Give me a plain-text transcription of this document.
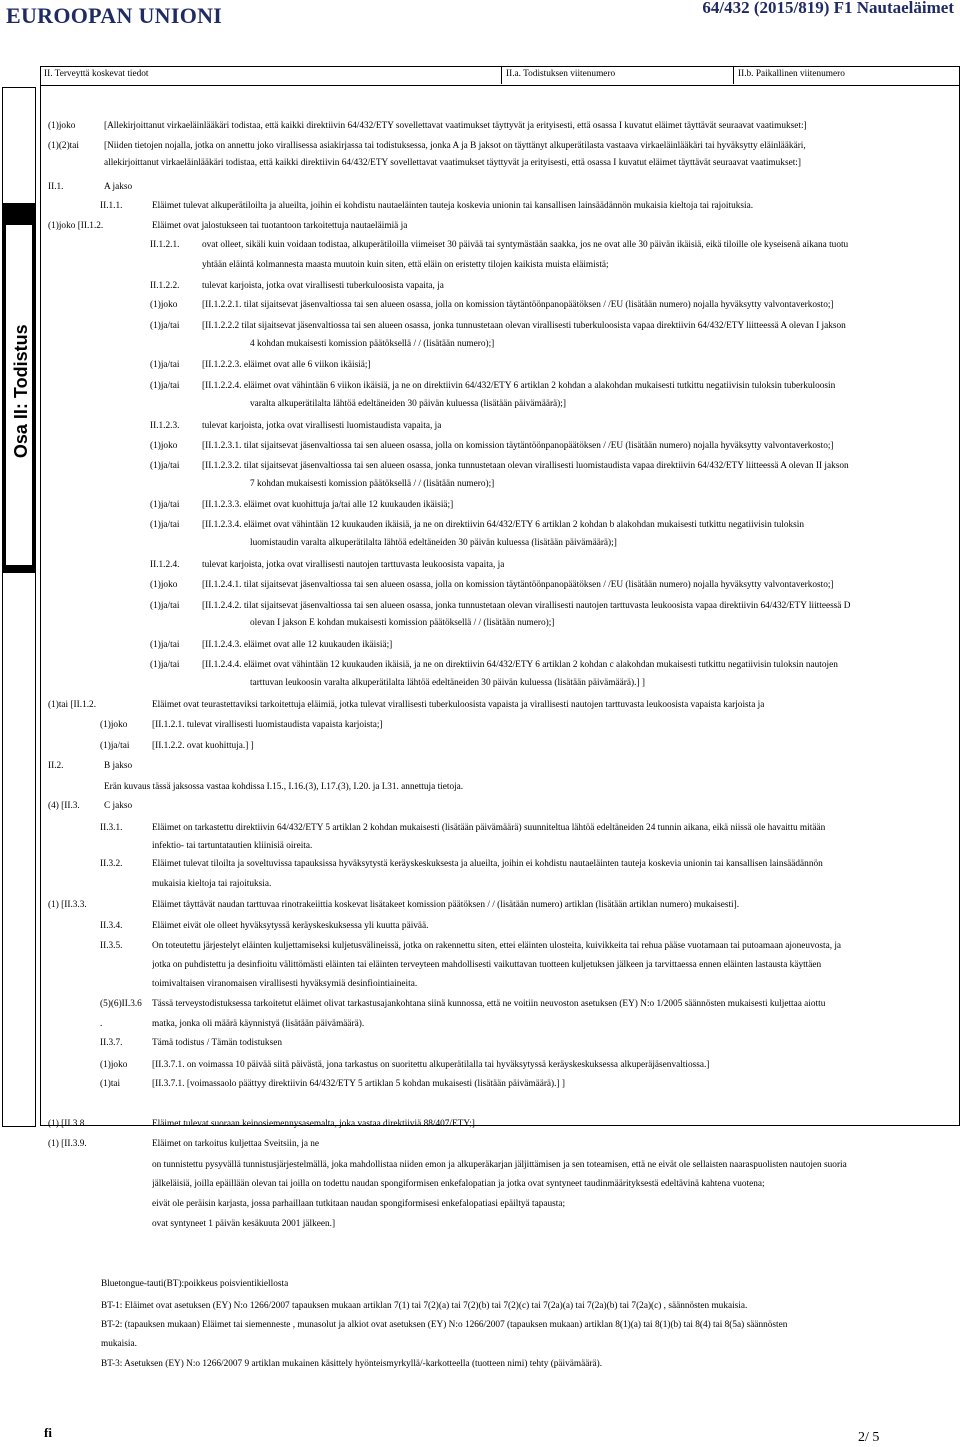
EUROOPAN UNIONI	64/432 (2015/819) F1 Nautaeläimet
II. Terveyttä koskevat tiedot	II.a. Todistuksen viitenumero	II.b. Paikallinen viitenumero
Osa II: Todistus
(1)joko	[Allekirjoittanut virkaeläinlääkäri todistaa, että kaikki direktiivin 64/432/ETY sovellettavat vaatimukset täyttyvät ja erityisesti, että osassa I kuvatut eläimet täyttävät seuraavat vaatimukset:]
(1)(2)tai	[Niiden tietojen nojalla, jotka on annettu joko virallisessa asiakirjassa tai todistuksessa, jonka A ja B jaksot on täyttänyt alkuperätilasta vastaava virkaeläinlääkäri tai hyväksytty eläinlääkäri,
allekirjoittanut virkaeläinlääkäri todistaa, että kaikki direktiivin 64/432/ETY sovellettavat vaatimukset täyttyvät ja erityisesti, että osassa I kuvatut eläimet täyttävät seuraavat vaatimukset:]
II.1.	A jakso
II.1.1.	Eläimet tulevat alkuperätiloilta ja alueilta, joihin ei kohdistu nautaeläinten tauteja koskevia unionin tai kansallisen lainsäädännön mukaisia kieltoja tai rajoituksia.
(1)joko [II.1.2.	Eläimet ovat jalostukseen tai tuotantoon tarkoitettuja nautaeläimiä ja
II.1.2.1. ovat olleet, sikäli kuin voidaan todistaa, alkuperätiloilla viimeiset 30 päivää tai syntymästään saakka, jos ne ovat alle 30 päivän ikäisiä, eikä tiloille ole kyseisenä aikana tuotu
yhtään eläintä kolmannesta maasta muutoin kuin siten, että eläin on eristetty tilojen kaikista muista eläimistä;
II.1.2.2. tulevat karjoista, jotka ovat virallisesti tuberkuloosista vapaita, ja
(1)joko	[II.1.2.2.1. tilat sijaitsevat jäsenvaltiossa tai sen alueen osassa, jolla on komission täytäntöönpanopäätöksen / /EU (lisätään numero) nojalla hyväksytty valvontaverkosto;]
(1)ja/tai [II.1.2.2.2 tilat sijaitsevat jäsenvaltiossa tai sen alueen osassa, jonka tunnustetaan olevan virallisesti tuberkuloosista vapaa direktiivin 64/432/ETY liitteessä A olevan I jakson
4 kohdan mukaisesti komission päätöksellä / / (lisätään numero);]
(1)ja/tai [II.1.2.2.3. eläimet ovat alle 6 viikon ikäisiä;]
(1)ja/tai [II.1.2.2.4. eläimet ovat vähintään 6 viikon ikäisiä, ja ne on direktiivin 64/432/ETY 6 artiklan 2 kohdan a alakohdan mukaisesti tutkittu negatiivisin tuloksin tuberkuloosin
varalta alkuperätilalta lähtöä edeltäneiden 30 päivän kuluessa (lisätään päivämäärä);]
II.1.2.3. tulevat karjoista, jotka ovat virallisesti luomistaudista vapaita, ja
(1)joko	[II.1.2.3.1. tilat sijaitsevat jäsenvaltiossa tai sen alueen osassa, jolla on komission täytäntöönpanopäätöksen / /EU (lisätään numero) nojalla hyväksytty valvontaverkosto;]
(1)ja/tai [II.1.2.3.2. tilat sijaitsevat jäsenvaltiossa tai sen alueen osassa, jonka tunnustetaan olevan virallisesti luomistaudista vapaa direktiivin 64/432/ETY liitteessä A olevan II jakson
7 kohdan mukaisesti komission päätöksellä / / (lisätään numero);]
(1)ja/tai [II.1.2.3.3. eläimet ovat kuohittuja ja/tai alle 12 kuukauden ikäisiä;]
(1)ja/tai [II.1.2.3.4. eläimet ovat vähintään 12 kuukauden ikäisiä, ja ne on direktiivin 64/432/ETY 6 artiklan 2 kohdan b alakohdan mukaisesti tutkittu negatiivisin tuloksin
luomistaudin varalta alkuperätilalta lähtöä edeltäneiden 30 päivän kuluessa (lisätään päivämäärä);]
II.1.2.4. tulevat karjoista, jotka ovat virallisesti nautojen tarttuvasta leukoosista vapaita, ja
(1)joko	[II.1.2.4.1. tilat sijaitsevat jäsenvaltiossa tai sen alueen osassa, jolla on komission täytäntöönpanopäätöksen / /EU (lisätään numero) nojalla hyväksytty valvontaverkosto;]
(1)ja/tai [II.1.2.4.2. tilat sijaitsevat jäsenvaltiossa tai sen alueen osassa, jonka tunnustetaan olevan virallisesti nautojen tarttuvasta leukoosista vapaa direktiivin 64/432/ETY liitteessä D
olevan I jakson E kohdan mukaisesti komission päätöksellä / / (lisätään numero);]
(1)ja/tai [II.1.2.4.3. eläimet ovat alle 12 kuukauden ikäisiä;]
(1)ja/tai [II.1.2.4.4. eläimet ovat vähintään 12 kuukauden ikäisiä, ja ne on direktiivin 64/432/ETY 6 artiklan 2 kohdan c alakohdan mukaisesti tutkittu negatiivisin tuloksin nautojen
tarttuvan leukoosin varalta alkuperätilalta lähtöä edeltäneiden 30 päivän kuluessa (lisätään päivämäärä).] ]
(1)tai [II.1.2.	Eläimet ovat teurastettaviksi tarkoitettuja eläimiä, jotka tulevat virallisesti tuberkuloosista vapaista ja virallisesti nautojen tarttuvasta leukoosista vapaista karjoista ja
(1)joko	[II.1.2.1. tulevat virallisesti luomistaudista vapaista karjoista;]
(1)ja/tai [II.1.2.2. ovat kuohittuja.] ]
II.2.	B jakso
Erän kuvaus tässä jaksossa vastaa kohdissa I.15., I.16.(3), I.17.(3), I.20. ja I.31. annettuja tietoja.
(4) [II.3.	C jakso
II.3.1.	Eläimet on tarkastettu direktiivin 64/432/ETY 5 artiklan 2 kohdan mukaisesti (lisätään päivämäärä) suunniteltua lähtöä edeltäneiden 24 tunnin aikana, eikä niissä ole havaittu mitään
infektio- tai tartuntatautien kliinisiä oireita.
II.3.2.	Eläimet tulevat tiloilta ja soveltuvissa tapauksissa hyväksytystä keräyskeskuksesta ja alueilta, joihin ei kohdistu nautaeläinten tauteja koskevia unionin tai kansallisen lainsäädännön
mukaisia kieltoja tai rajoituksia.
(1) [II.3.3.	Eläimet täyttävät naudan tarttuvaa rinotrakeiittia koskevat lisätakeet komission päätöksen / / (lisätään numero) artiklan (lisätään artiklan numero) mukaisesti].
II.3.4.	Eläimet eivät ole olleet hyväksytyssä keräyskeskuksessa yli kuutta päivää.
II.3.5.	On toteutettu järjestelyt eläinten kuljettamiseksi kuljetusvälineissä, jotka on rakennettu siten, ettei eläinten ulosteita, kuivikkeita tai rehua pääse vuotamaan tai putoamaan ajoneuvosta, ja
jotka on puhdistettu ja desinfioitu välittömästi eläinten tai eläinten terveyteen mahdollisesti vaikuttavan tuotteen kuljetuksen jälkeen ja tarvittaessa ennen eläinten lastausta käyttäen
toimivaltaisen viranomaisen virallisesti hyväksymiä desinfiointiaineita.
(5)(6)II.3.6 Tässä terveystodistuksessa tarkoitetut eläimet olivat tarkastusajankohtana siinä kunnossa, että ne voitiin neuvoston asetuksen (EY) N:o 1/2005 säännösten mukaisesti kuljettaa aiottu
.	matka, jonka oli määrä käynnistyä (lisätään päivämäärä).
II.3.7.	Tämä todistus / Tämän todistuksen
(1)joko	[II.3.7.1. on voimassa 10 päivää siitä päivästä, jona tarkastus on suoritettu alkuperätilalla tai hyväksytyssä keräyskeskuksessa alkuperäjäsenvaltiossa.]
(1)tai	[II.3.7.1. [voimassaolo päättyy direktiivin 64/432/ETY 5 artiklan 5 kohdan mukaisesti (lisätään päivämäärä).] ]
(1) [II.3.8.	Eläimet tulevat suoraan keinosiemennysasemalta, joka vastaa direktiiviä 88/407/ETY;]
(1) [II.3.9.	Eläimet on tarkoitus kuljettaa Sveitsiin, ja ne
on tunnistettu pysyvällä tunnistusjärjestelmällä, joka mahdollistaa niiden emon ja alkuperäkarjan jäljittämisen ja sen toteamisen, että ne eivät ole sellaisten naaraspuolisten nautojen suoria
jälkeläisiä, joilla epäillään olevan tai joilla on todettu naudan spongiformisen enkefalopatian ja jotka ovat syntyneet taudinmäärityksestä edeltävinä kahtena vuotena;
eivät ole peräisin karjasta, jossa parhaillaan tutkitaan naudan spongiformisesi enkefalopatiasi epäiltyä tapausta;
ovat syntyneet 1 päivän kesäkuuta 2001 jälkeen.]
Bluetongue-tauti(BT):poikkeus poisvientikiellosta
BT-1: Eläimet ovat asetuksen (EY) N:o 1266/2007 tapauksen mukaan artiklan 7(1) tai 7(2)(a) tai 7(2)(b) tai 7(2)(c) tai 7(2a)(a) tai 7(2a)(b) tai 7(2a)(c) , säännösten mukaisia.
BT-2: (tapauksen mukaan) Eläimet tai siemenneste , munasolut ja alkiot ovat asetuksen (EY) N:o 1266/2007 (tapauksen mukaan) artiklan 8(1)(a) tai 8(1)(b) tai 8(4) tai 8(5a) säännösten
mukaisia.
BT-3: Asetuksen (EY) N:o 1266/2007 9 artiklan mukainen käsittely hyönteismyrkyllä/-karkotteella (tuotteen nimi) tehty (päivämäärä).
fi	2/ 5
